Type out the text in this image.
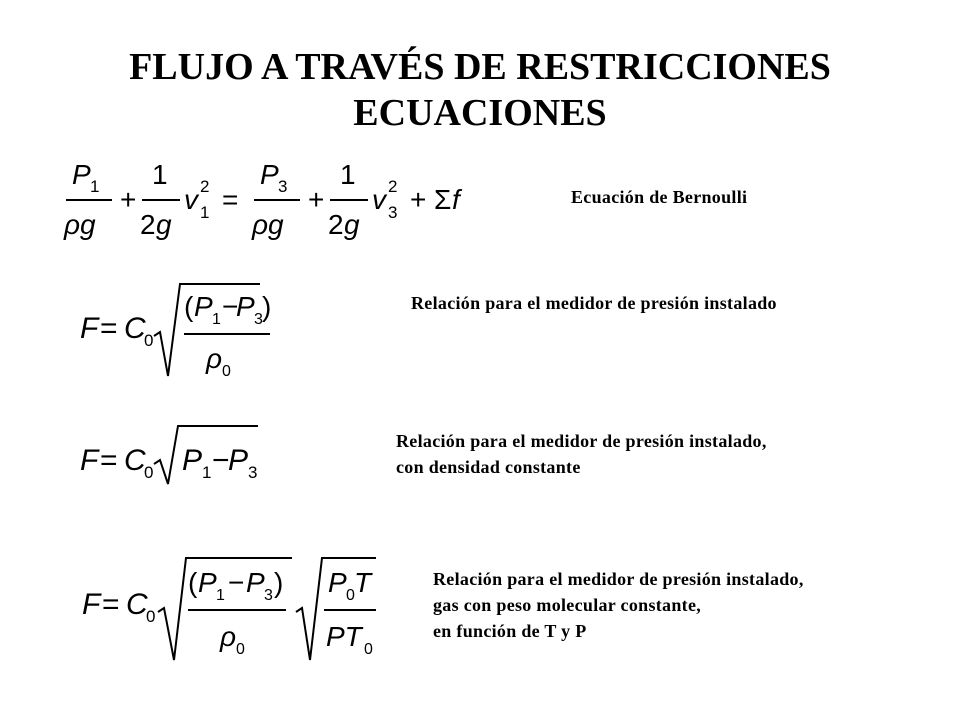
FLUJO A TRAVÉS DE RESTRICCIONES
ECUACIONES
P 1
ρg
+
1
2 g
v 1
2 =
P 3
ρg
+
1
2 g
v 3
2 + Σ f	Ecuación de Bernoulli
F = C
0
( P 1 −
P 3 )
ρ 0
Relación para el medidor de presión instalado
F = C
0 P 1 −
P 3
Relación para el medidor de presión instalado,
con densidad constante
F = C
0
( P 1 − P 3 )
ρ 0
P 0 T
PT 0
Relación para el medidor de presión instalado,
gas con peso molecular constante,
en función de T y P
